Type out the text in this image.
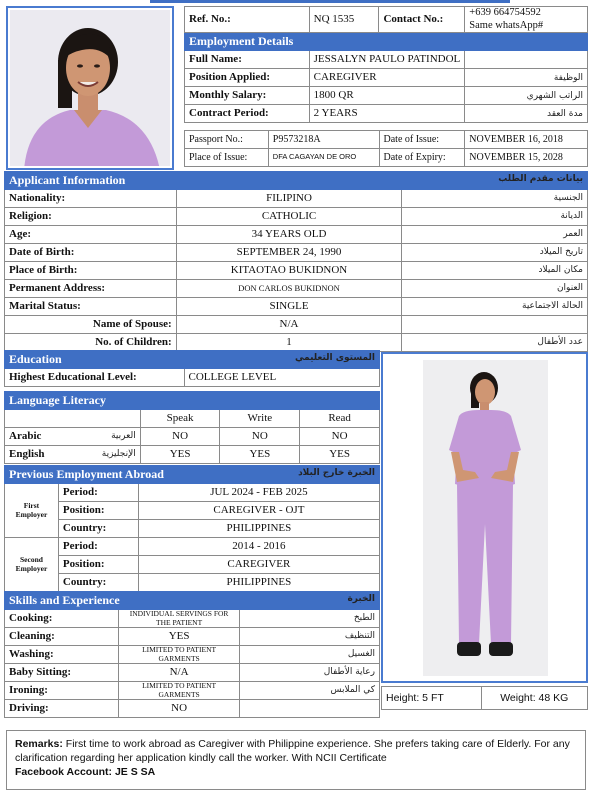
Ref. No.:	NQ 1535	Contact No.:	+639 664754592
Same whatsApp#

Employment Details			
Full Name:	JESSALYN PAULO PATINDOL		
Position Applied:	CAREGIVER		الوظيفة
Monthly Salary:	1800 QR		الراتب الشهري
Contract Period:	2 YEARS		مدة العقد
Passport No.:	P9573218A	Date of Issue:	NOVEMBER 16, 2018
Place of Issue:	DFA CAGAYAN DE ORO	Date of Expiry:	NOVEMBER 15, 2028
Applicant Information بيانات مقدم الطلب		

Nationality:	FILIPINO	الجنسية
Religion:	CATHOLIC	الديانة
Age:	34 YEARS OLD	العمر
Date of Birth:	SEPTEMBER 24, 1990	تاريخ الميلاد
Place of Birth:	KITAOTAO BUKIDNON	مكان الميلاد
Permanent Address:	DON CARLOS BUKIDNON	العنوان
Marital Status:	SINGLE	الحالة الاجتماعية
Name of Spouse:	N/A	
No. of Children:	1	عدد الأطفال
Education	المستوى التعليمي

Highest Educational Level:	COLLEGE LEVEL
Language Literacy				
		Speak	Write	Read
Arabic	العربية	NO	NO	NO
English	الإنجليزية	YES	YES	YES
Previous Employment Abroad الخبرة خارج البلاد		

First Employer	Period:	JUL 2024 - FEB 2025
	Position:	CAREGIVER - OJT
	Country:	PHILIPPINES
Second Employer	Period:	2014 - 2016
	Position:	CAREGIVER
	Country:	PHILIPPINES
Skills and Experience الخبرة		

Cooking:	INDIVIDUAL SERVINGS FOR THE PATIENT	الطبخ
Cleaning:	YES	التنظيف
Washing:	LIMITED TO PATIENT GARMENTS	الغسيل
Baby Sitting:	N/A	رعاية الأطفال
Ironing:	LIMITED TO PATIENT GARMENTS	كي الملابس
Driving:	NO	
Height: 5 FT	Weight: 48 KG
Remarks: First time to work abroad as Caregiver with Philippine experience. She prefers taking care of Elderly. For any clarification regarding her application kindly call the worker. With NCII Certificate
Facebook Account: JE S SA
